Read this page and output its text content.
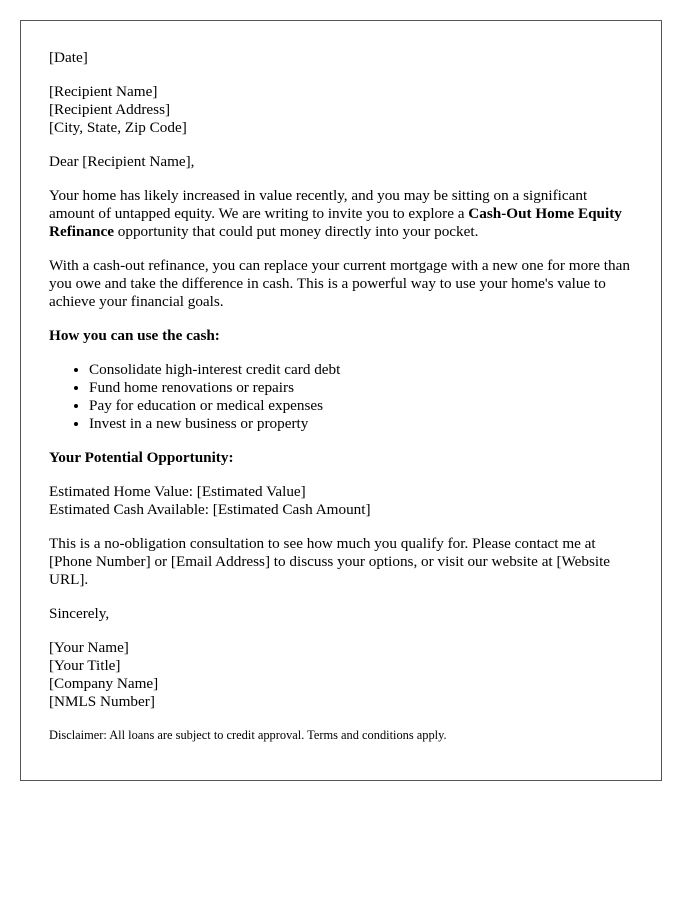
[Date]

[Recipient Name]
[Recipient Address]
[City, State, Zip Code]

Dear [Recipient Name],

Your home has likely increased in value recently, and you may be sitting on a significant amount of untapped equity. We are writing to invite you to explore a Cash-Out Home Equity Refinance opportunity that could put money directly into your pocket.

With a cash-out refinance, you can replace your current mortgage with a new one for more than you owe and take the difference in cash. This is a powerful way to use your home's value to achieve your financial goals.

How you can use the cash:
• Consolidate high-interest credit card debt
• Fund home renovations or repairs
• Pay for education or medical expenses
• Invest in a new business or property
Your Potential Opportunity:

Estimated Home Value: [Estimated Value]
Estimated Cash Available: [Estimated Cash Amount]

This is a no-obligation consultation to see how much you qualify for. Please contact me at [Phone Number] or [Email Address] to discuss your options, or visit our website at [Website URL].

Sincerely,

[Your Name]
[Your Title]
[Company Name]
[NMLS Number]

Disclaimer: All loans are subject to credit approval. Terms and conditions apply.
